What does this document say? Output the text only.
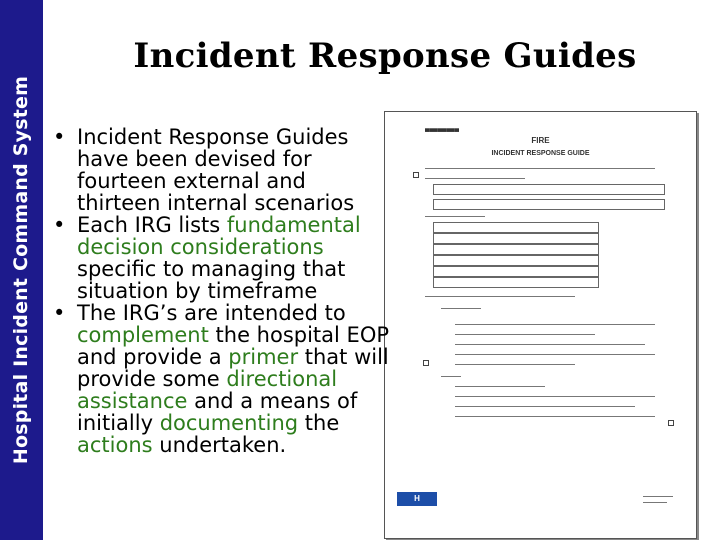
Hospital Incident Command System
Incident Response Guides
▄▄▄▄▄▄▄▄
FIRE
INCIDENT RESPONSE GUIDE
H
• Incident Response Guides have been devised for fourteen external and thirteen internal scenarios
• Each IRG lists fundamental decision considerations specific to managing that situation by timeframe
• The IRG’s are intended to complement the hospital EOP and provide a primer that will provide some directional assistance and a means of initially documenting the actions undertaken.
